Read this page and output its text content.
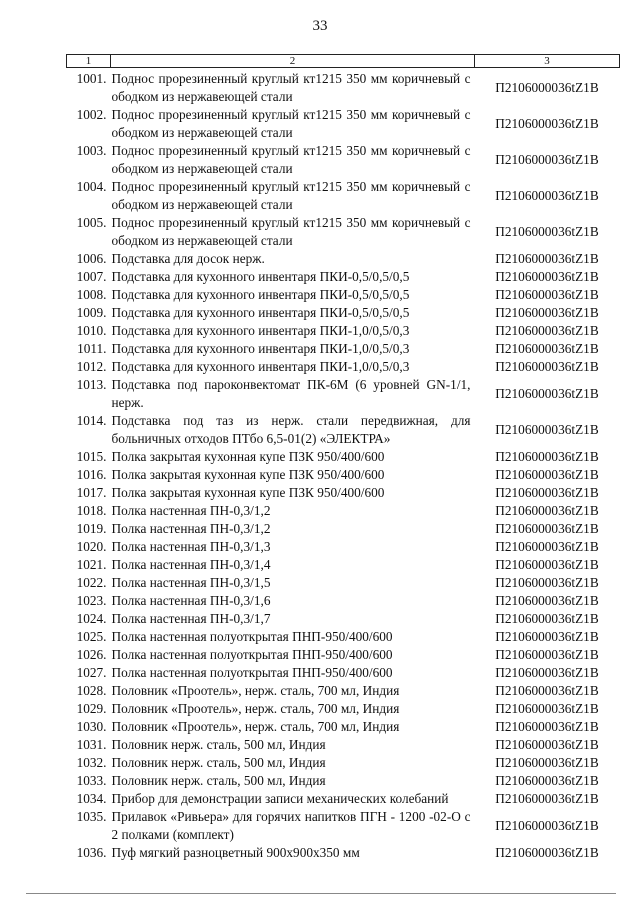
33
1	2	3
1001.	Поднос прорезиненный круглый кт1215 350 мм коричневый с ободком из нержавеющей стали	П2106000036tZ1B
1002.	Поднос прорезиненный круглый кт1215 350 мм коричневый с ободком из нержавеющей стали	П2106000036tZ1B
1003.	Поднос прорезиненный круглый кт1215 350 мм коричневый с ободком из нержавеющей стали	П2106000036tZ1B
1004.	Поднос прорезиненный круглый кт1215 350 мм коричневый с ободком из нержавеющей стали	П2106000036tZ1B
1005.	Поднос прорезиненный круглый кт1215 350 мм коричневый с ободком из нержавеющей стали	П2106000036tZ1B
1006.	Подставка для досок нерж.	П2106000036tZ1B
1007.	Подставка для кухонного инвентаря ПКИ-0,5/0,5/0,5	П2106000036tZ1B
1008.	Подставка для кухонного инвентаря ПКИ-0,5/0,5/0,5	П2106000036tZ1B
1009.	Подставка для кухонного инвентаря ПКИ-0,5/0,5/0,5	П2106000036tZ1B
1010.	Подставка для кухонного инвентаря ПКИ-1,0/0,5/0,3	П2106000036tZ1B
1011.	Подставка для кухонного инвентаря ПКИ-1,0/0,5/0,3	П2106000036tZ1B
1012.	Подставка для кухонного инвентаря ПКИ-1,0/0,5/0,3	П2106000036tZ1B
1013.	Подставка под пароконвектомат ПК-6М (6 уровней GN-1/1, нерж.	П2106000036tZ1B
1014.	Подставка под таз из нерж. стали передвижная, для больничных отходов ПТбо 6,5-01(2) «ЭЛЕКТРА»	П2106000036tZ1B
1015.	Полка закрытая кухонная купе ПЗК 950/400/600	П2106000036tZ1B
1016.	Полка закрытая кухонная купе ПЗК 950/400/600	П2106000036tZ1B
1017.	Полка закрытая кухонная купе ПЗК 950/400/600	П2106000036tZ1B
1018.	Полка настенная ПН-0,3/1,2	П2106000036tZ1B
1019.	Полка настенная ПН-0,3/1,2	П2106000036tZ1B
1020.	Полка настенная ПН-0,3/1,3	П2106000036tZ1B
1021.	Полка настенная ПН-0,3/1,4	П2106000036tZ1B
1022.	Полка настенная ПН-0,3/1,5	П2106000036tZ1B
1023.	Полка настенная ПН-0,3/1,6	П2106000036tZ1B
1024.	Полка настенная ПН-0,3/1,7	П2106000036tZ1B
1025.	Полка настенная полуоткрытая ПНП-950/400/600	П2106000036tZ1B
1026.	Полка настенная полуоткрытая ПНП-950/400/600	П2106000036tZ1B
1027.	Полка настенная полуоткрытая ПНП-950/400/600	П2106000036tZ1B
1028.	Половник «Проотель», нерж. сталь, 700 мл, Индия	П2106000036tZ1B
1029.	Половник «Проотель», нерж. сталь, 700 мл, Индия	П2106000036tZ1B
1030.	Половник «Проотель», нерж. сталь, 700 мл, Индия	П2106000036tZ1B
1031.	Половник нерж. сталь, 500 мл, Индия	П2106000036tZ1B
1032.	Половник нерж. сталь, 500 мл, Индия	П2106000036tZ1B
1033.	Половник нерж. сталь, 500 мл, Индия	П2106000036tZ1B
1034.	Прибор для демонстрации записи механических колебаний	П2106000036tZ1B
1035.	Прилавок «Ривьера» для горячих напитков ПГН - 1200 -02-О с 2 полками (комплект)	П2106000036tZ1B
1036.	Пуф мягкий разноцветный 900х900х350 мм	П2106000036tZ1B
